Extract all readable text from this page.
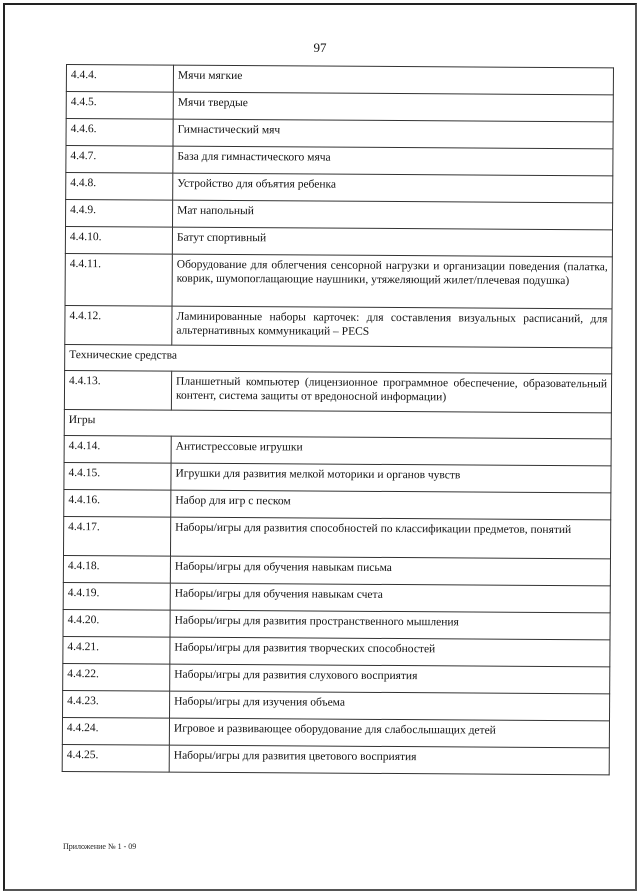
97
4.4.4.	Мячи мягкие
4.4.5.	Мячи твердые
4.4.6.	Гимнастический мяч
4.4.7.	База для гимнастического мяча
4.4.8.	Устройство для объятия ребенка
4.4.9.	Мат напольный
4.4.10.	Батут спортивный
4.4.11.	Оборудование для облегчения сенсорной нагрузки и организации поведения (палатка, коврик, шумопоглащающие наушники, утяжеляющий жилет/плечевая подушка)
4.4.12.	Ламинированные наборы карточек: для составления визуальных расписаний, для альтернативных коммуникаций – PECS
Технические средства	
4.4.13.	Планшетный компьютер (лицензионное программное обеспечение, образовательный контент, система защиты от вредоносной информации)
Игры	
4.4.14.	Антистрессовые игрушки
4.4.15.	Игрушки для развития мелкой моторики и органов чувств
4.4.16.	Набор для игр с песком
4.4.17.	Наборы/игры для развития способностей по классификации предметов, понятий
4.4.18.	Наборы/игры для обучения навыкам письма
4.4.19.	Наборы/игры для обучения навыкам счета
4.4.20.	Наборы/игры для развития пространственного мышления
4.4.21.	Наборы/игры для развития творческих способностей
4.4.22.	Наборы/игры для развития слухового восприятия
4.4.23.	Наборы/игры для изучения объема
4.4.24.	Игровое и развивающее оборудование для слабослышащих детей
4.4.25.	Наборы/игры для развития цветового восприятия
Приложение № 1 - 09
